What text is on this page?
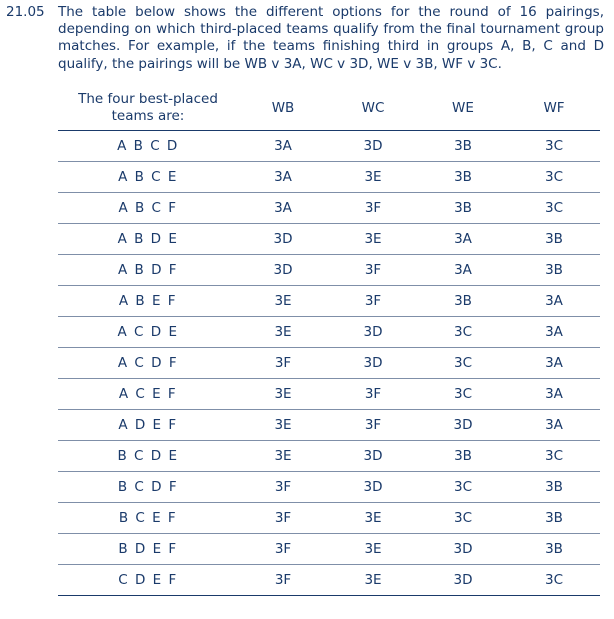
21.05 The table below shows the different options for the round of 16 pairings, depending on which third-placed teams qualify from the final tournament group matches. For example, if the teams finishing third in groups A, B, C and D qualify, the pairings will be WB v 3A, WC v 3D, WE v 3B, WF v 3C.
The four best-placed
teams are:	WB	WC	WE	WF
A B C D	3A	3D	3B	3C
A B C E	3A	3E	3B	3C
A B C F	3A	3F	3B	3C
A B D E	3D	3E	3A	3B
A B D F	3D	3F	3A	3B
A B E F	3E	3F	3B	3A
A C D E	3E	3D	3C	3A
A C D F	3F	3D	3C	3A
A C E F	3E	3F	3C	3A
A D E F	3E	3F	3D	3A
B C D E	3E	3D	3B	3C
B C D F	3F	3D	3C	3B
B C E F	3F	3E	3C	3B
B D E F	3F	3E	3D	3B
C D E F	3F	3E	3D	3C
